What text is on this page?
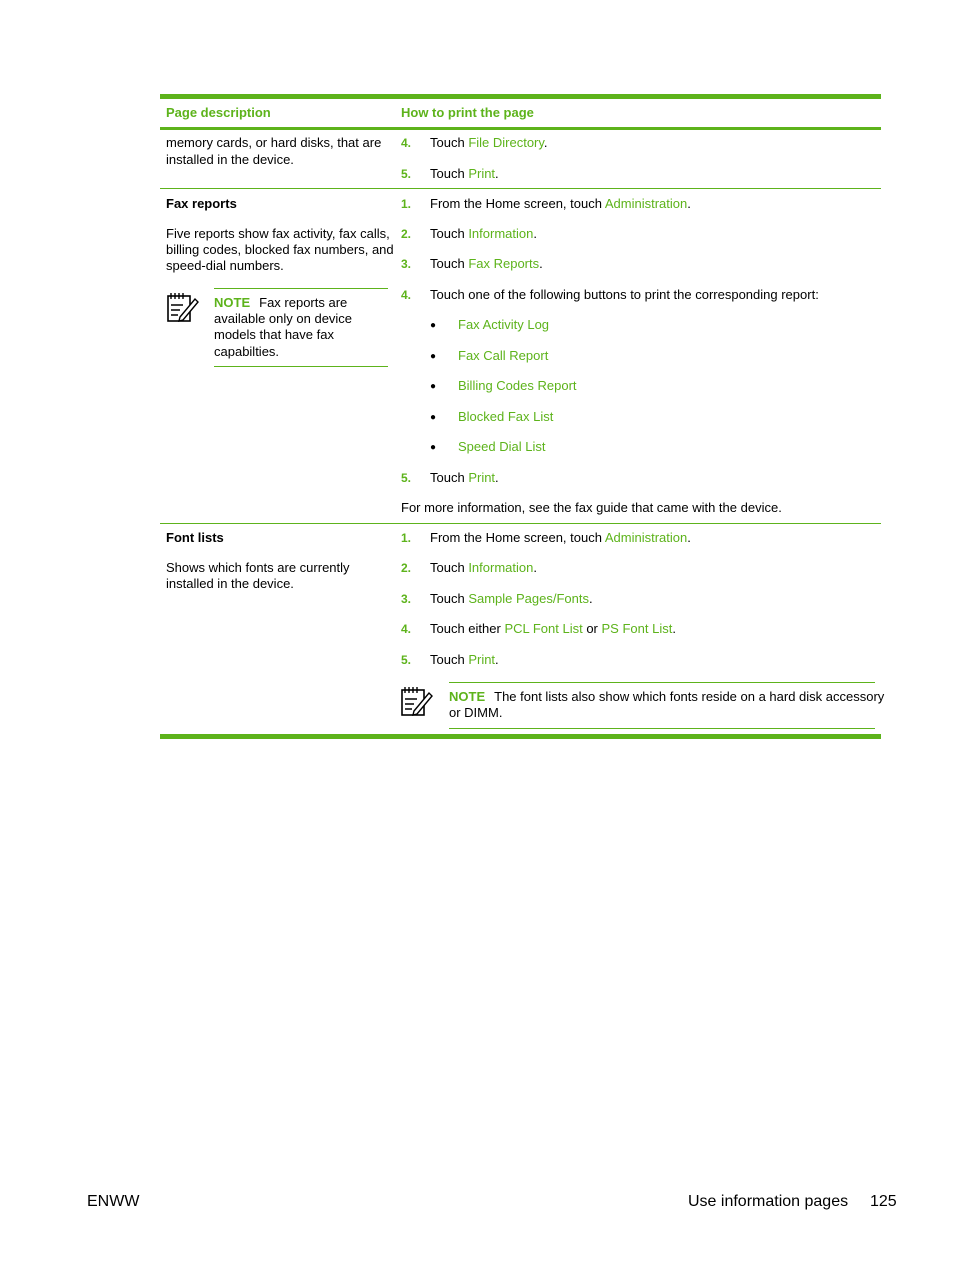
Page description	How to print the page
memory cards, or hard disks, that are
installed in the device.
4. Touch File Directory.
5. Touch Print.
Fax reports
Five reports show fax activity, fax calls,
billing codes, blocked fax numbers, and
speed-dial numbers.
NOTE Fax reports are
available only on device
models that have fax
capabilties.
1. From the Home screen, touch Administration.
2. Touch Information.
3. Touch Fax Reports.
4. Touch one of the following buttons to print the corresponding report:
● Fax Activity Log
● Fax Call Report
● Billing Codes Report
● Blocked Fax List
● Speed Dial List
5. Touch Print.
For more information, see the fax guide that came with the device.
Font lists
Shows which fonts are currently
installed in the device.
1. From the Home screen, touch Administration.
2. Touch Information.
3. Touch Sample Pages/Fonts.
4. Touch either PCL Font List or PS Font List.
5. Touch Print.
NOTE The font lists also show which fonts reside on a hard disk accessory
or DIMM.
ENWW	Use information pages 125
